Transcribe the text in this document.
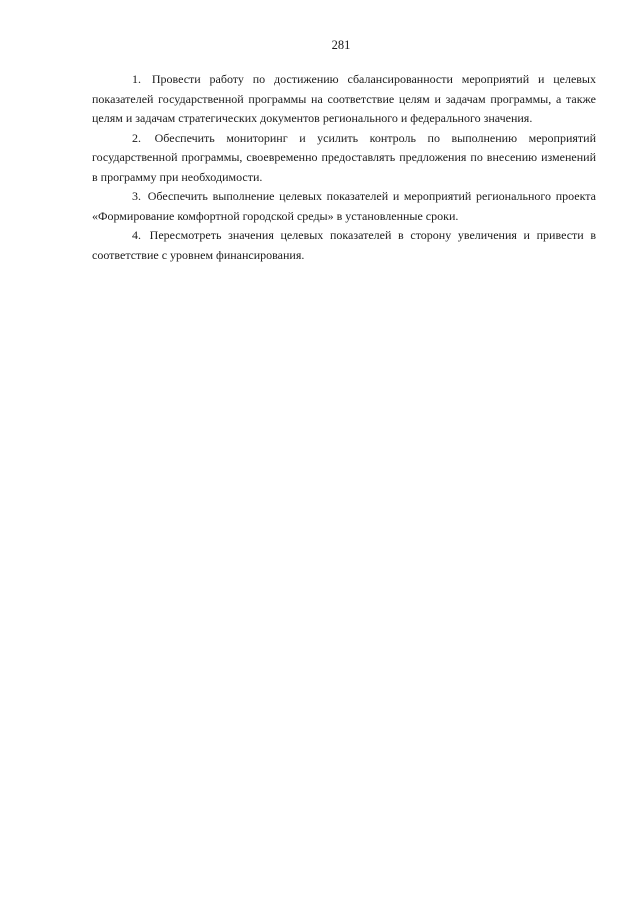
281

1. Провести работу по достижению сбалансированности мероприятий и целевых показателей государственной программы на соответствие целям и задачам программы, а также целям и задачам стратегических документов регионального и федерального значения.

2. Обеспечить мониторинг и усилить контроль по выполнению мероприятий государственной программы, своевременно предоставлять предложения по внесению изменений в программу при необходимости.

3. Обеспечить выполнение целевых показателей и мероприятий регионального проекта «Формирование комфортной городской среды» в установленные сроки.

4. Пересмотреть значения целевых показателей в сторону увеличения и привести в соответствие с уровнем финансирования.
